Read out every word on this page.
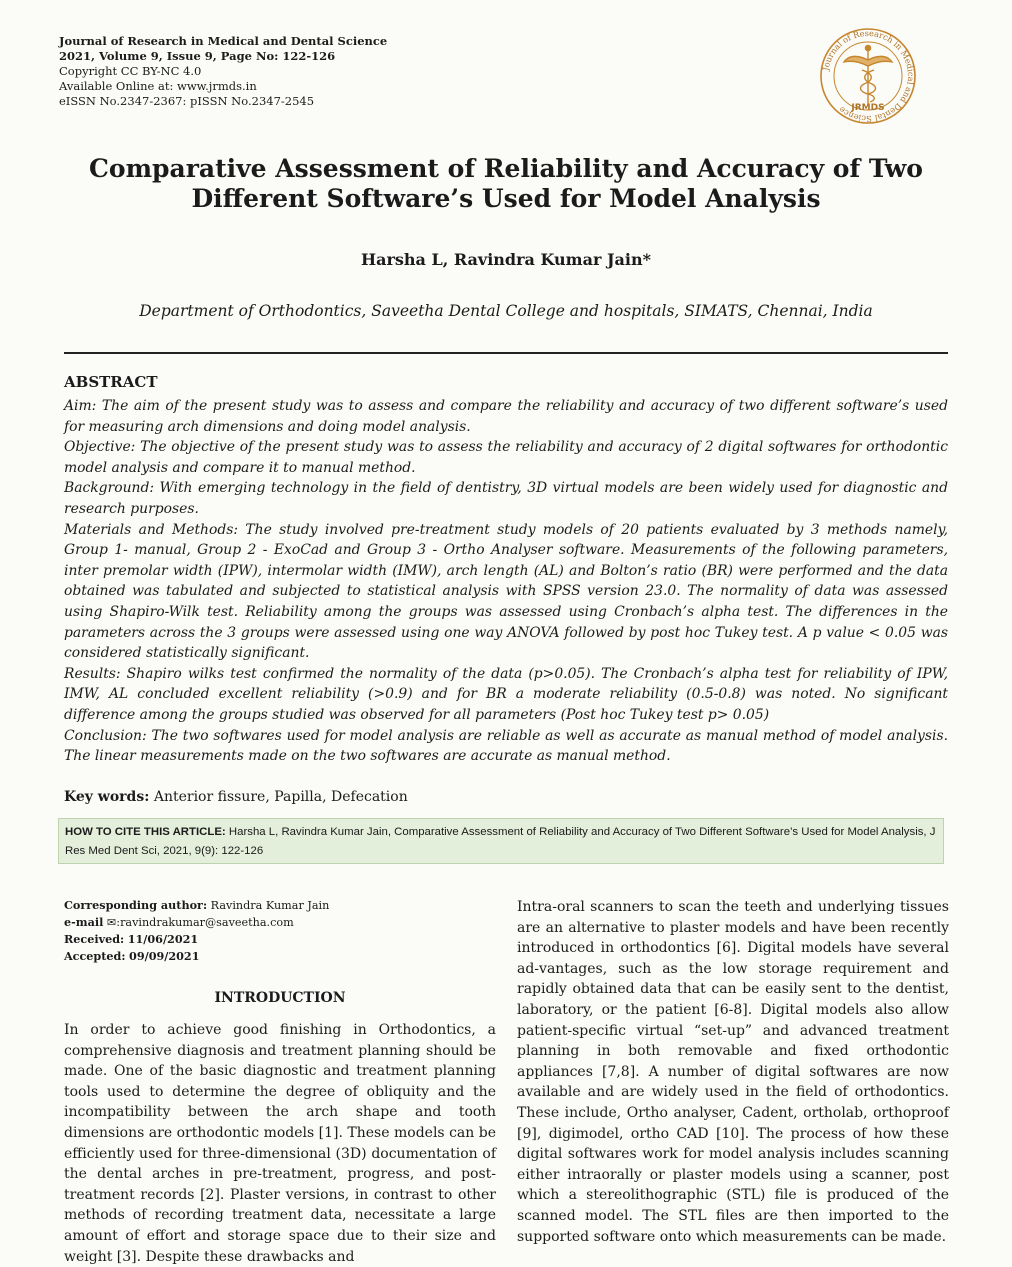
Journal of Research in Medical and Dental Science
2021, Volume 9, Issue 9, Page No: 122-126
Copyright CC BY-NC 4.0
Available Online at: www.jrmds.in
eISSN No.2347-2367: pISSN No.2347-2545
Journal of Research in Medical and Dental Science JRMDS
Comparative Assessment of Reliability and Accuracy of Two Different Software’s Used for Model Analysis
Harsha L, Ravindra Kumar Jain*
Department of Orthodontics, Saveetha Dental College and hospitals, SIMATS, Chennai, India
ABSTRACT

Aim: The aim of the present study was to assess and compare the reliability and accuracy of two different software’s used for measuring arch dimensions and doing model analysis.

Objective: The objective of the present study was to assess the reliability and accuracy of 2 digital softwares for orthodontic model analysis and compare it to manual method.

Background: With emerging technology in the field of dentistry, 3D virtual models are been widely used for diagnostic and research purposes.

Materials and Methods: The study involved pre-treatment study models of 20 patients evaluated by 3 methods namely, Group 1- manual, Group 2 - ExoCad and Group 3 - Ortho Analyser software. Measurements of the following parameters, inter premolar width (IPW), intermolar width (IMW), arch length (AL) and Bolton’s ratio (BR) were performed and the data obtained was tabulated and subjected to statistical analysis with SPSS version 23.0. The normality of data was assessed using Shapiro-Wilk test. Reliability among the groups was assessed using Cronbach’s alpha test. The differences in the parameters across the 3 groups were assessed using one way ANOVA followed by post hoc Tukey test. A p value < 0.05 was considered statistically significant.

Results: Shapiro wilks test confirmed the normality of the data (p>0.05). The Cronbach’s alpha test for reliability of IPW, IMW, AL concluded excellent reliability (>0.9) and for BR a moderate reliability (0.5-0.8) was noted. No significant difference among the groups studied was observed for all parameters (Post hoc Tukey test p> 0.05)

Conclusion: The two softwares used for model analysis are reliable as well as accurate as manual method of model analysis. The linear measurements made on the two softwares are accurate as manual method.

Key words: Anterior fissure, Papilla, Defecation
HOW TO CITE THIS ARTICLE: Harsha L, Ravindra Kumar Jain, Comparative Assessment of Reliability and Accuracy of Two Different Software’s Used for Model Analysis, J Res Med Dent Sci, 2021, 9(9): 122-126
Corresponding author: Ravindra Kumar Jain
e-mail ✉:ravindrakumar@saveetha.com
Received: 11/06/2021
Accepted: 09/09/2021
INTRODUCTION
In order to achieve good finishing in Orthodontics, a comprehensive diagnosis and treatment planning should be made. One of the basic diagnostic and treatment planning tools used to determine the degree of obliquity and the incompatibility between the arch shape and tooth dimensions are orthodontic models [1]. These models can be efficiently used for three-dimensional (3D) documentation of the dental arches in pre-treatment, progress, and post-treatment records [2]. Plaster versions, in contrast to other methods of recording treatment data, necessitate a large amount of effort and storage space due to their size and weight [3]. Despite these drawbacks and
Intra-oral scanners to scan the teeth and underlying tissues are an alternative to plaster models and have been recently introduced in orthodontics [6]. Digital models have several ad-vantages, such as the low storage requirement and rapidly obtained data that can be easily sent to the dentist, laboratory, or the patient [6-8]. Digital models also allow patient-specific virtual “set-up” and advanced treatment planning in both removable and fixed orthodontic appliances [7,8]. A number of digital softwares are now available and are widely used in the field of orthodontics. These include, Ortho analyser, Cadent, ortholab, orthoproof [9], digimodel, ortho CAD [10]. The process of how these digital softwares work for model analysis includes scanning either intraorally or plaster models using a scanner, post which a stereolithographic (STL) file is produced of the scanned model. The STL files are then imported to the supported software onto which measurements can be made.
